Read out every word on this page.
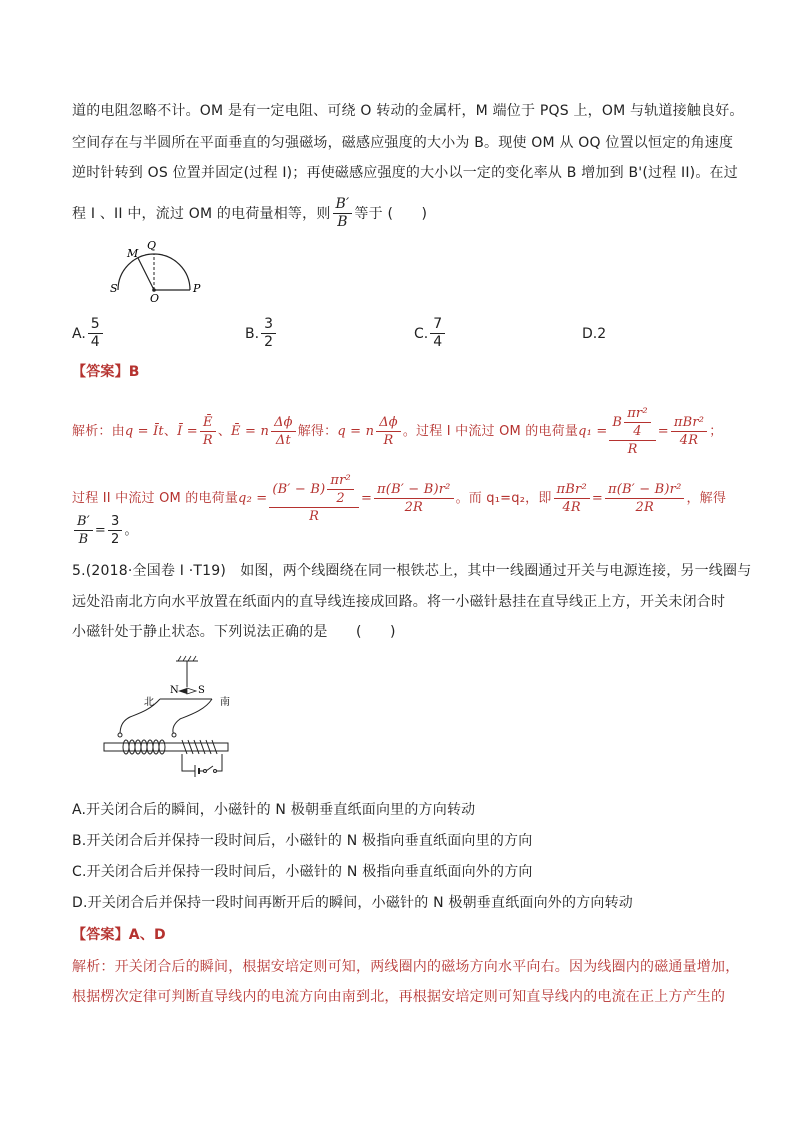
道的电阻忽略不计。OM 是有一定电阻、可绕 O 转动的金属杆，M 端位于 PQS 上，OM 与轨道接触良好。
空间存在与半圆所在平面垂直的匀强磁场，磁感应强度的大小为 B。现使 OM 从 OQ 位置以恒定的角速度
逆时针转到 OS 位置并固定(过程 I)；再使磁感应强度的大小以一定的变化率从 B 增加到 B'(过程 II)。在过
程 I 、II 中，流过 OM 的电荷量相等，则 $\frac{B'}{B}$ 等于 (　　)
M
Q
S
O
P
A. $\frac{5}{4}$	B. $\frac{3}{2}$	C. $\frac{7}{4}$	D. 2
【答案】B
解析：由 q = Īt 、 Ī = $\frac{Ē}{R}$ 、 Ē = n $\frac{\Delta\phi}{\Delta t}$ 解得： q = n $\frac{\Delta\phi}{R}$ 。过程 I 中流过 OM 的电荷量 $q_1 = \frac{B \frac{\text{πr²}}{4}}{R} = \frac{\text{πBr²}}{4R}$ ；
过程 II 中流过 OM 的电荷量 $q_2 = \frac{(B' - B) \frac{\text{πr²}}{2}}{R} = \frac{\text{π(B′ − B)r²}}{2R}$ 。而 q₁=q₂，即 $\frac{\text{πBr²}}{4R} = \frac{\text{π(B′ − B)r²}}{2R}$ ，解得
$\frac{B'}{B} = \frac{3}{2}$ 。
5.(2018·全国卷 I ·T19)　如图，两个线圈绕在同一根铁芯上，其中一线圈通过开关与电源连接，另一线圈与
远处沿南北方向水平放置在纸面内的直导线连接成回路。将一小磁针悬挂在直导线正上方，开关未闭合时
小磁针处于静止状态。下列说法正确的是　　(　　)
N S
北	南
A.开关闭合后的瞬间，小磁针的 N 极朝垂直纸面向里的方向转动
B.开关闭合后并保持一段时间后，小磁针的 N 极指向垂直纸面向里的方向
C.开关闭合后并保持一段时间后，小磁针的 N 极指向垂直纸面向外的方向
D.开关闭合后并保持一段时间再断开后的瞬间，小磁针的 N 极朝垂直纸面向外的方向转动
【答案】A、D
解析：开关闭合后的瞬间，根据安培定则可知，两线圈内的磁场方向水平向右。因为线圈内的磁通量增加，
根据楞次定律可判断直导线内的电流方向由南到北，再根据安培定则可知直导线内的电流在正上方产生的
